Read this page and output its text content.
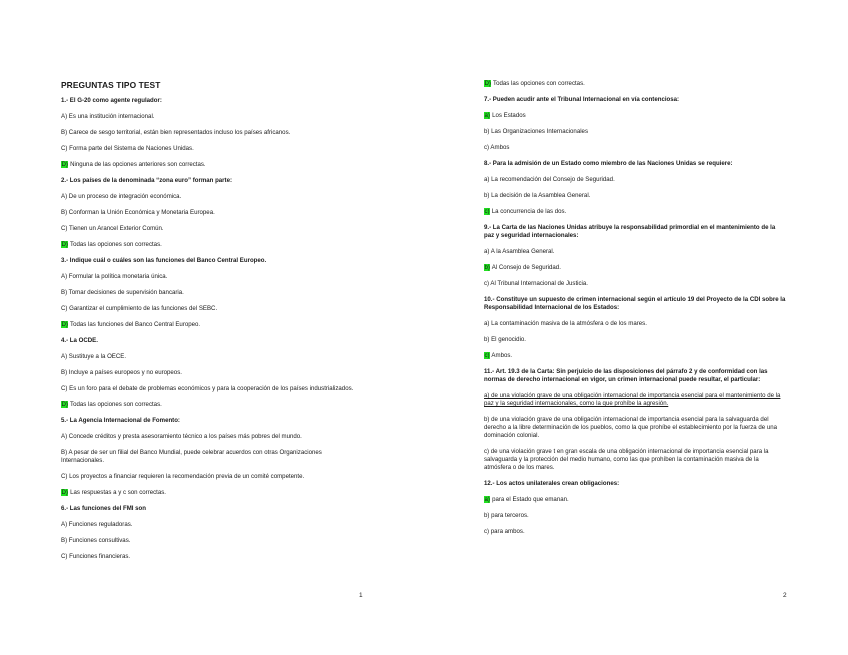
PREGUNTAS TIPO TEST
1.- El G-20 como agente regulador:
A) Es una institución internacional.
B) Carece de sesgo territorial, están bien representados incluso los países africanos.
C) Forma parte del Sistema de Naciones Unidas.
D) Ninguna de las opciones anteriores son correctas.
2.- Los países de la denominada “zona euro” forman parte:
A) De un proceso de integración económica.
B) Conforman la Unión Económica y Monetaria Europea.
C) Tienen un Arancel Exterior Común.
D) Todas las opciones son correctas.
3.- Indique cuál o cuáles son las funciones del Banco Central Europeo.
A) Formular la política monetaria única.
B) Tomar decisiones de supervisión bancaria.
C) Garantizar el cumplimiento de las funciones del SEBC.
D) Todas las funciones del Banco Central Europeo.
4.- La OCDE.
A) Sustituye a la OECE.
B) Incluye a países europeos y no europeos.
C) Es un foro para el debate de problemas económicos y para la cooperación de los países industrializados.
D) Todas las opciones son correctas.
5.- La Agencia Internacional de Fomento:
A) Concede créditos y presta asesoramiento técnico a los países más pobres del mundo.
B) A pesar de ser un filial del Banco Mundial, puede celebrar acuerdos con otras Organizaciones Internacionales.
C) Los proyectos a financiar requieren la recomendación previa de un comité competente.
D) Las respuestas a y c son correctas.
6.- Las funciones del FMI son
A) Funciones reguladoras.
B) Funciones consultivas.
C) Funciones financieras.
1
D) Todas las opciones con correctas.
7.- Pueden acudir ante el Tribunal Internacional en vía contenciosa:
a) Los Estados
b) Las Organizaciones Internacionales
c) Ambos
8.- Para la admisión de un Estado como miembro de las Naciones Unidas se requiere:
a) La recomendación del Consejo de Seguridad.
b) La decisión de la Asamblea General.
c) La concurrencia de las dos.
9.- La Carta de las Naciones Unidas atribuye la responsabilidad primordial en el mantenimiento de la paz y seguridad internacionales:
a) A la Asamblea General.
b) Al Consejo de Seguridad.
c) Al Tribunal Internacional de Justicia.
10.- Constituye un supuesto de crimen internacional según el artículo 19 del Proyecto de la CDI sobre la Responsabilidad Internacional de los Estados:
a) La contaminación masiva de la atmósfera o de los mares.
b) El genocidio.
c) Ambos.
11.- Art. 19.3 de la Carta: Sin perjuicio de las disposiciones del párrafo 2 y de conformidad con las normas de derecho internacional en vigor, un crimen internacional puede resultar, el particular:
a) de una violación grave de una obligación internacional de importancia esencial para el mantenimiento de la paz y la seguridad internacionales, como la que prohíbe la agresión.
b) de una violación grave de una obligación internacional de importancia esencial para la salvaguarda del derecho a la libre determinación de los pueblos, como la que prohíbe el establecimiento por la fuerza de una dominación colonial.
c) de una violación grave t en gran escala de una obligación internacional de importancia esencial para la salvaguarda y la protección del medio humano, como las que prohíben la contaminación masiva de la atmósfera o de los mares.
12.- Los actos unilaterales crean obligaciones:
a) para el Estado que emanan.
b) para terceros.
c) para ambos.
2
